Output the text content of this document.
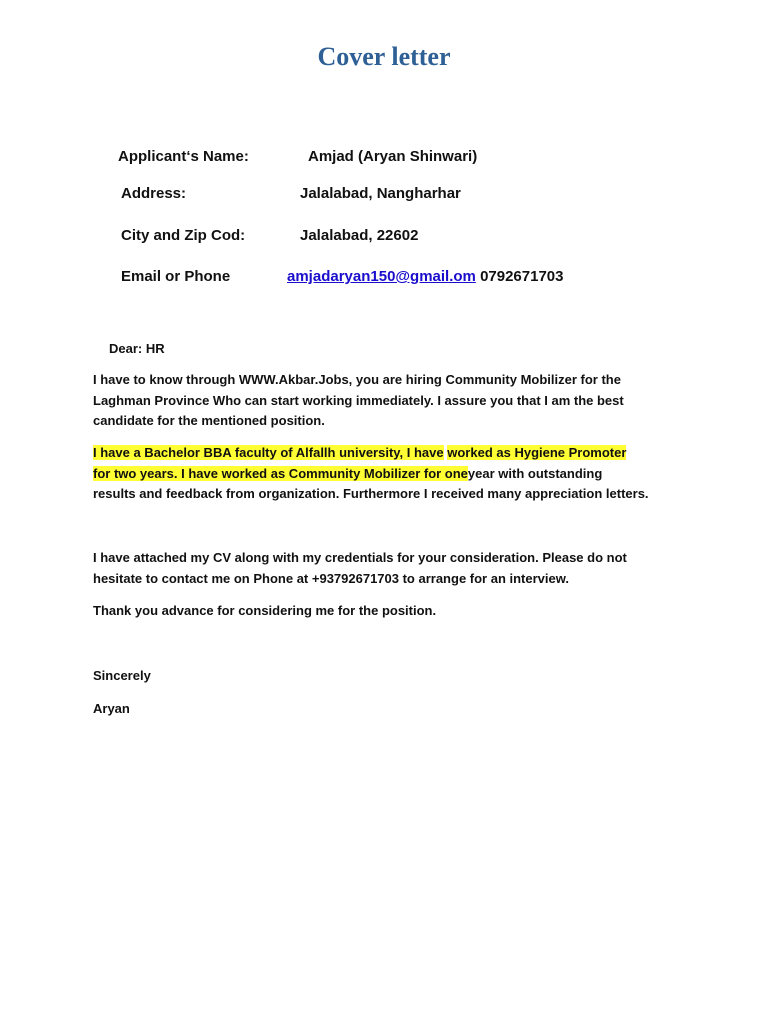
Cover letter
Applicant‘s Name:	Amjad (Aryan Shinwari)
Address:	Jalalabad, Nangharhar
City and Zip Cod:	Jalalabad, 22602
Email or Phone	amjadaryan150@gmail.om 0792671703
Dear: HR
I have to know through WWW.Akbar.Jobs, you are hiring Community Mobilizer for the
Laghman Province Who can start working immediately. I assure you that I am the best
candidate for the mentioned position.
I have a Bachelor BBA faculty of Alfallh university, I have worked as Hygiene Promoter
for two years. I have worked as Community Mobilizer for oneyear with outstanding
results and feedback from organization. Furthermore I received many appreciation letters.
I have attached my CV along with my credentials for your consideration. Please do not
hesitate to contact me on Phone at +93792671703 to arrange for an interview.
Thank you advance for considering me for the position.
Sincerely
Aryan
